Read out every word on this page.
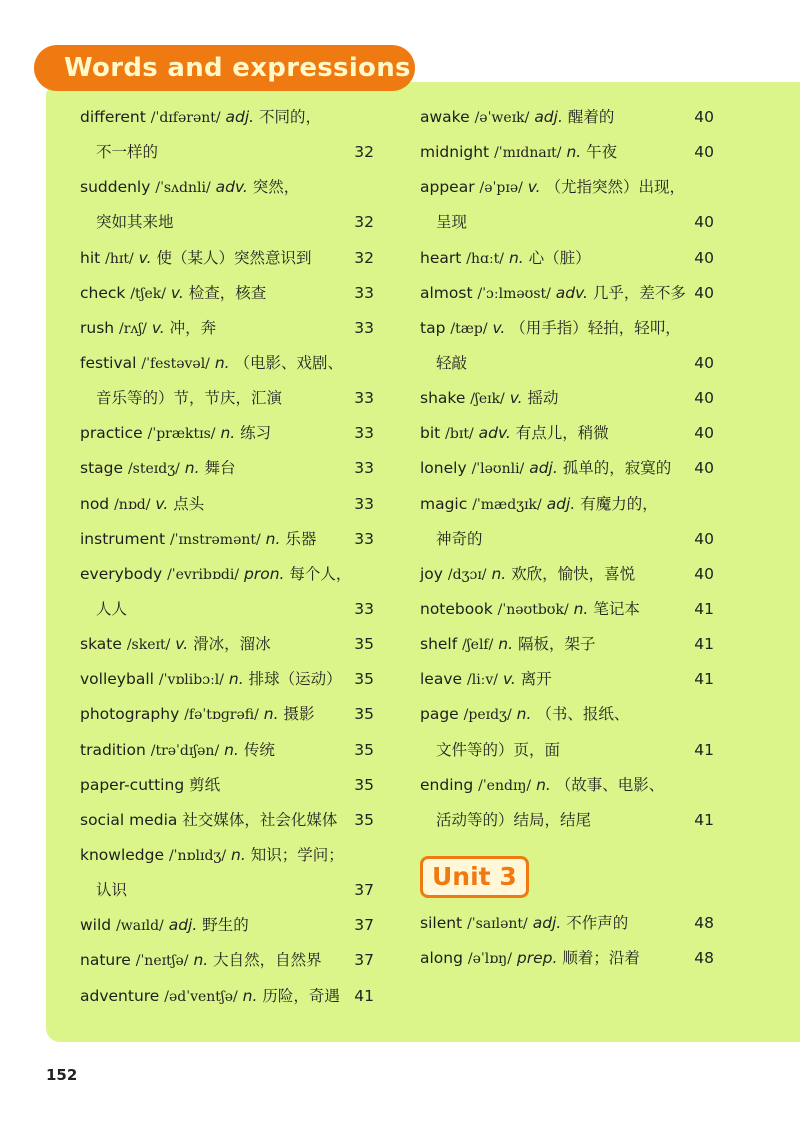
Words and expressions
different /ˈdɪfərənt/ adj. 不同的，
不一样的	32
suddenly /ˈsʌdnli/ adv. 突然，
突如其来地	32
hit /hɪt/ v. 使（某人）突然意识到	32
check /tʃek/ v. 检查，核查	33
rush /rʌʃ/ v. 冲，奔	33
festival /ˈfestəvəl/ n. （电影、戏剧、
音乐等的）节，节庆，汇演	33
practice /ˈpræktɪs/ n. 练习	33
stage /steɪdʒ/ n. 舞台	33
nod /nɒd/ v. 点头	33
instrument /ˈɪnstrəmənt/ n. 乐器 33
everybody /ˈevribɒdi/ pron. 每个人，
人人	33
skate /skeɪt/ v. 滑冰，溜冰	35
volleyball /ˈvɒlibɔːl/ n. 排球（运动） 35
photography /fəˈtɒɡrəfi/ n. 摄影	35
tradition /trəˈdɪʃən/ n. 传统	35
paper-cutting 剪纸	35
social media 社交媒体，社会化媒体 35
knowledge /ˈnɒlɪdʒ/ n. 知识；学问；
认识	37
wild /waɪld/ adj. 野生的	37
nature /ˈneɪtʃə/ n. 大自然，自然界 37
adventure /ədˈventʃə/ n. 历险，奇遇 41
awake /əˈweɪk/ adj. 醒着的	40
midnight /ˈmɪdnaɪt/ n. 午夜	40
appear /əˈpɪə/ v. （尤指突然）出现，
呈现	40
heart /hɑːt/ n. 心（脏）	40
almost /ˈɔːlməʊst/ adv. 几乎，差不多 40
tap /tæp/ v. （用手指）轻拍，轻叩，
轻敲	40
shake /ʃeɪk/ v. 摇动	40
bit /bɪt/ adv. 有点儿，稍微	40
lonely /ˈləʊnli/ adj. 孤单的，寂寞的 40
magic /ˈmædʒɪk/ adj. 有魔力的，
神奇的	40
joy /dʒɔɪ/ n. 欢欣，愉快，喜悦	40
notebook /ˈnəʊtbʊk/ n. 笔记本	41
shelf /ʃelf/ n. 隔板，架子	41
leave /liːv/ v. 离开	41
page /peɪdʒ/ n. （书、报纸、
文件等的）页，面	41
ending /ˈendɪŋ/ n. （故事、电影、
活动等的）结局，结尾	41
Unit 3
silent /ˈsaɪlənt/ adj. 不作声的	48
along /əˈlɒŋ/ prep. 顺着；沿着	48
152
